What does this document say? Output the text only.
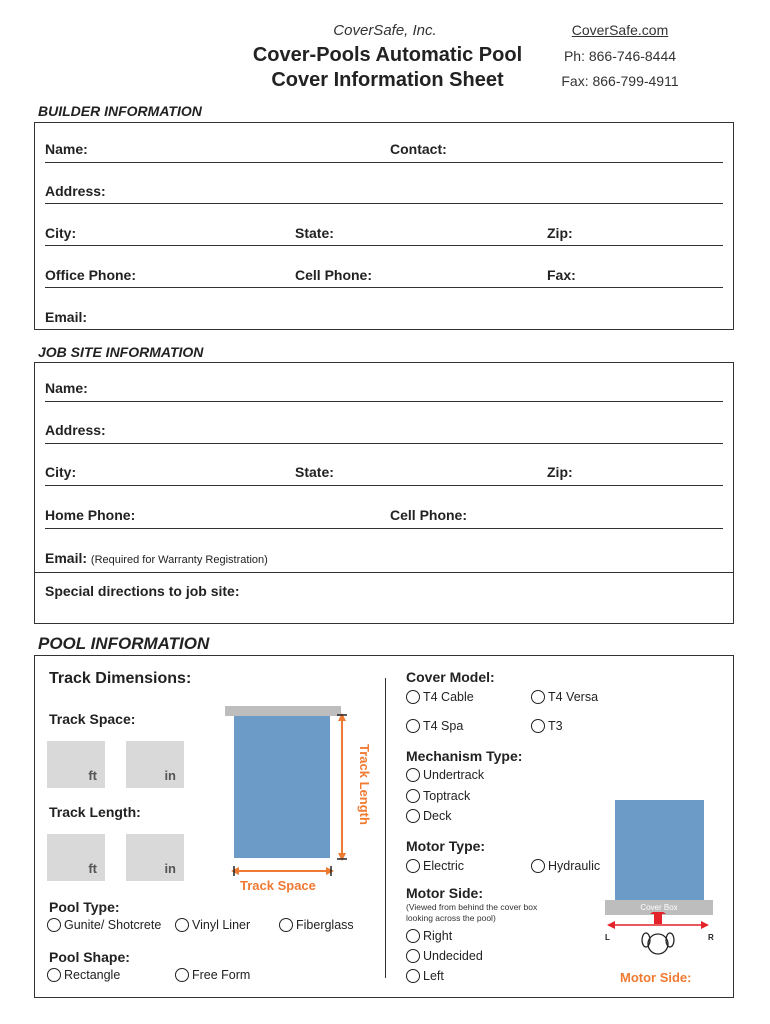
CoverSafe, Inc.
Cover-Pools Automatic Pool
Cover Information Sheet
CoverSafe.com
Ph: 866-746-8444
Fax: 866-799-4911
BUILDER INFORMATION
Name:	Contact:
Address:
City:	State:	Zip:
Office Phone:	Cell Phone:	Fax:
Email:
JOB SITE INFORMATION
Name:
Address:
City:	State:	Zip:
Home Phone:	Cell Phone:
Email: (Required for Warranty Registration)
Special directions to job site:
POOL INFORMATION
Track Dimensions:
Track Space:
ft	in
Track Length:
ft	in
Track Length
Track Space
Pool Type:
Gunite/ Shotcrete Vinyl Liner	Fiberglass
Pool Shape:
Rectangle	Free Form
Cover Model:
T4 Cable	T4 Versa
T4 Spa	T3
Mechanism Type:
Undertrack
Toptrack
Deck
Motor Type:
Electric	Hydraulic
Motor Side:
(Viewed from behind the cover box
looking across the pool)
Right
Undecided
Left
Cover Box
L	R
Motor Side:
